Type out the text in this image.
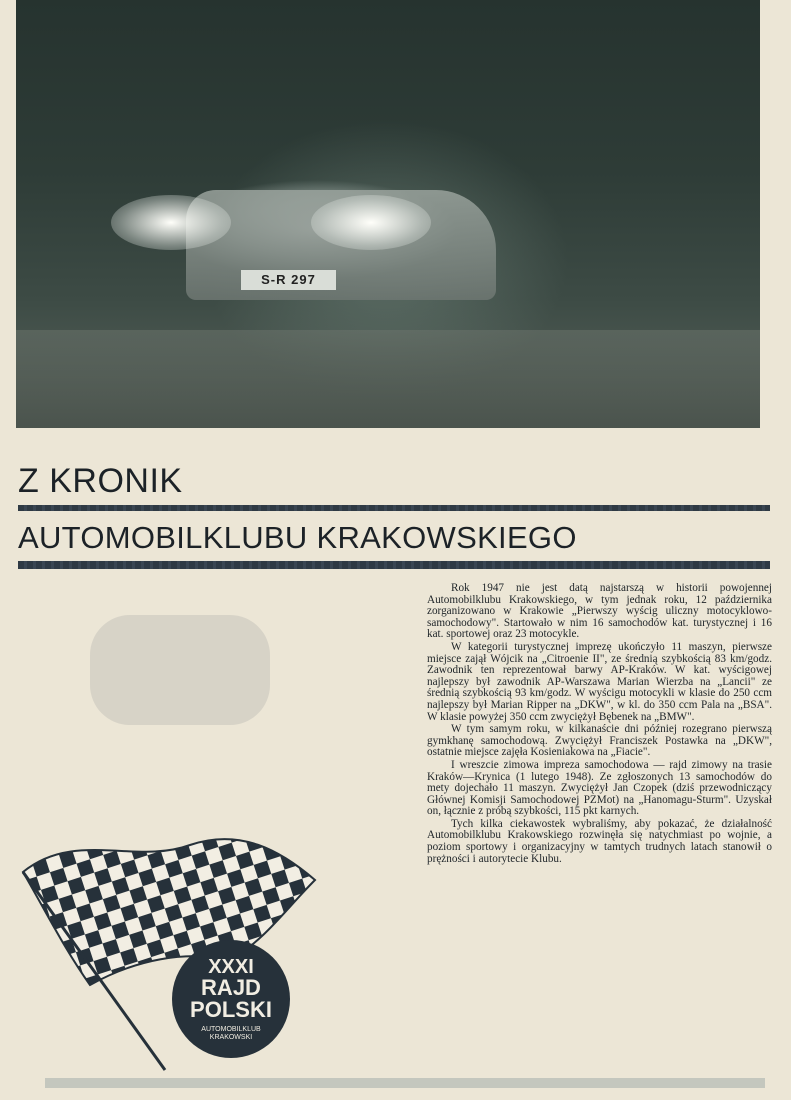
S-R 297
Z KRONIK
AUTOMOBILKLUBU KRAKOWSKIEGO
XXXI
RAJD
POLSKI
AUTOMOBILKLUB
KRAKOWSKI

Rok 1947 nie jest datą najstarszą w historii powojennej Automobilklubu Krakowskiego, w tym jednak roku, 12 października zorganizowano w Krakowie „Pierwszy wyścig uliczny motocyklowo-samochodowy". Startowało w nim 16 samochodów kat. turystycznej i 16 kat. sportowej oraz 23 motocykle.

W kategorii turystycznej imprezę ukończyło 11 maszyn, pierwsze miejsce zajął Wójcik na „Citroenie II", ze średnią szybkością 83 km/godz. Zawodnik ten reprezentował barwy AP-Kraków. W kat. wyścigowej najlepszy był zawodnik AP-Warszawa Marian Wierzba na „Lancii" ze średnią szybkością 93 km/godz. W wyścigu motocykli w klasie do 250 ccm najlepszy był Marian Ripper na „DKW", w kl. do 350 ccm Pala na „BSA". W klasie powyżej 350 ccm zwyciężył Bębenek na „BMW".

W tym samym roku, w kilkanaście dni później rozegrano pierwszą gymkhanę samochodową. Zwyciężył Franciszek Postawka na „DKW", ostatnie miejsce zajęła Kosieniakowa na „Fiacie".

I wreszcie zimowa impreza samochodowa — rajd zimowy na trasie Kraków—Krynica (1 lutego 1948). Ze zgłoszonych 13 samochodów do mety dojechało 11 maszyn. Zwyciężył Jan Czopek (dziś przewodniczący Głównej Komisji Samochodowej PZMot) na „Hanomagu-Sturm". Uzyskał on, łącznie z próbą szybkości, 115 pkt karnych.

Tych kilka ciekawostek wybraliśmy, aby pokazać, że działalność Automobilklubu Krakowskiego rozwinęła się natychmiast po wojnie, a poziom sportowy i organizacyjny w tamtych trudnych latach stanowił o prężności i autorytecie Klubu.
